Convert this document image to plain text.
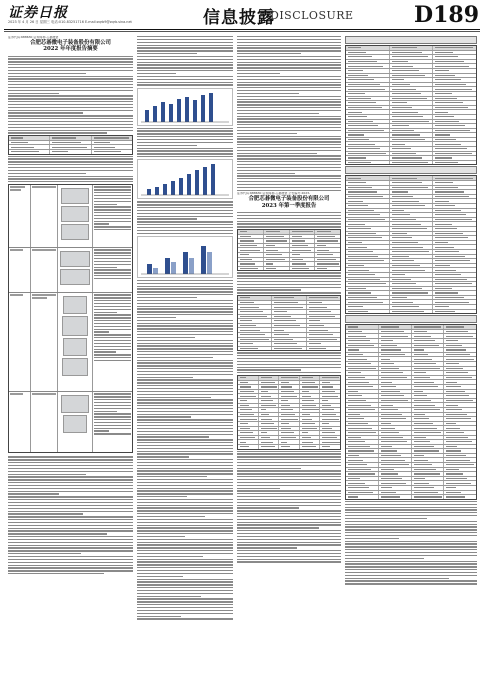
证券日报
2023 年 4 月 26 日 星期三 电话:010-83251716 E-mail:zqrb9@zqrb.sina.net	信息披露
DISCLOSURE	D189
证券代码:688630 证券简称:芯碁微装
合肥芯碁微电子装备股份有限公司
2022 年年度报告摘要
证券代码:688630 证券简称:芯碁微装 公告编号:2023-
合肥芯碁微电子装备股份有限公司
2023 年第一季度报告
